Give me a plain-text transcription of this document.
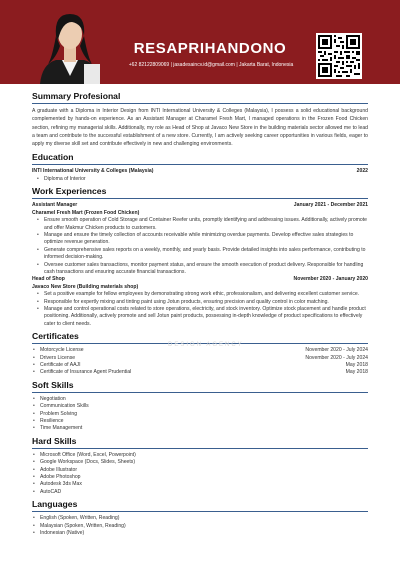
RESAPRIHANDONO
+62 82122809069 | jasadesaincv.id@gmail.com | Jakarta Barat, Indonesia
Summary Profesional

A graduate with a Diploma in Interior Design from INTI International University & Colleges (Malaysia), I possess a solid educational background complemented by hands-on experience. As an Assistant Manager at Charamel Fresh Mart, I managed operations in the Frozen Food Chicken section, refining my managerial skills. Additionally, my role as Head of Shop at Javaco New Store in the building materials sector allowed me to lead a team and contribute to the successful establishment of a new store. Currently, I am actively seeking career opportunities in various fields, eager to apply my diverse skill set and contribute effectively in new and challenging environments.

Education
INTI International University & Colleges (Malaysia)	2022
• Diploma of Interior
Work Experiences
Assistant Manager	January 2021 - December 2021
Charamel Fresh Mart (Frozen Food Chicken)
• Ensure smooth operation of Cold Storage and Container Reefer units, promptly identifying and addressing issues. Additionally, actively promote and offer Makmur Chicken products to customers.
• Manage and ensure the timely collection of accounts receivable while minimizing overdue payments. Develop effective sales strategies to optimize revenue generation.
• Generate comprehensive sales reports on a weekly, monthly, and yearly basis. Provide detailed insights into sales performance, contributing to informed decision-making.
• Oversee customer sales transactions, monitor payment status, and ensure the smooth execution of product delivery. Responsible for handling cash transactions and ensuring accurate financial transactions.
Head of Shop	November 2020 - January 2020
Javaco New Store (Building materials shop)
• Set a positive example for fellow employees by demonstrating strong work ethic, professionalism, and delivering excellent customer service.
• Responsible for expertly mixing and tinting paint using Jotun products, ensuring precision and quality control in color matching.
• Manage and control operational costs related to store operations, electricity, and stock inventory. Optimize stock placement and handle product positioning. Additionally, actively promote and sell Jotun paint products, possessing in-depth knowledge of product specifications to effectively cater to client needs.
Certificates
• Motorcycle License	November 2020 - July 2024
• Drivers License	November 2020 - July 2024
• Certificate of AAJI	May 2018
• Certificate of Insurance Agent Prudential	May 2018
Soft Skills
• Negotiation
• Communication Skills
• Problem Solving
• Resilience
• Time Management
Hard Skills
• Microsoft Office (Word, Excel, Powerpoint)
• Google Workspace (Docs, Slides, Sheets)
• Adobe Illustrator
• Adobe Photoshop
• Autodesk 3ds Max
• AutoCAD
Languages
• English (Spoken, Written, Reading)
• Malaysian (Spoken, Written, Reading)
• Indonesian (Native)
DESIGN AGENCY
